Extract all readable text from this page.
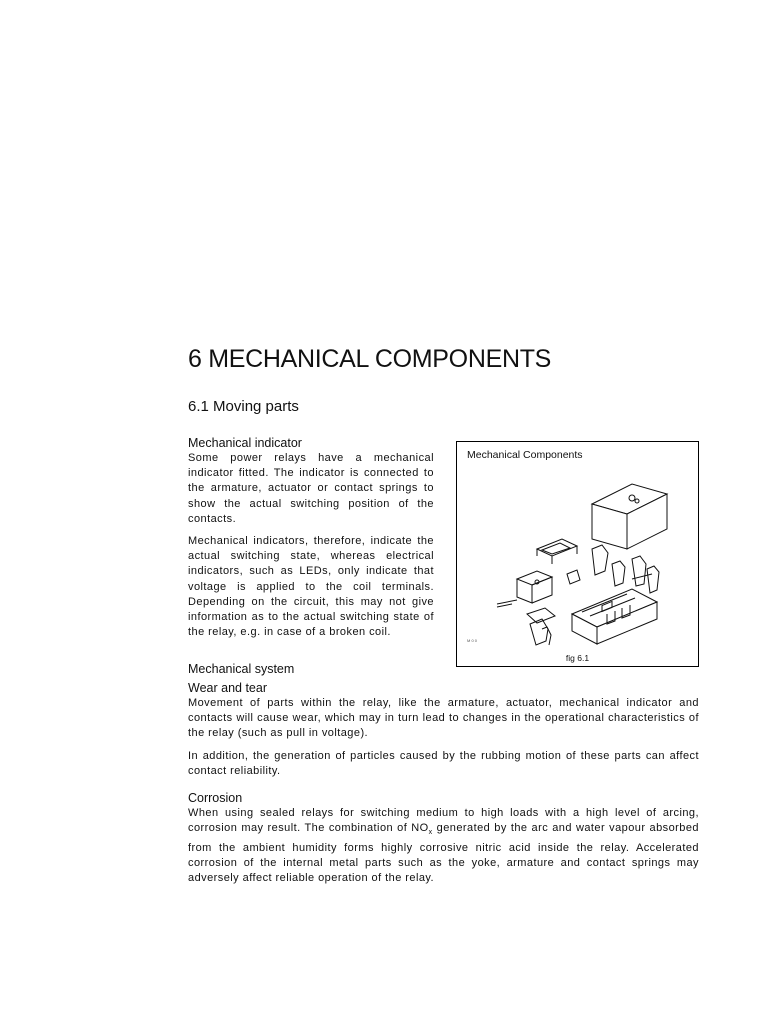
6 MECHANICAL COMPONENTS
6.1 Moving parts
Mechanical indicator

Some power relays have a mechanical indicator fitted. The indicator is connected to the armature, actuator or contact springs to show the actual switching position of the contacts.

Mechanical indicators, therefore, indicate the actual switching state, whereas electrical indicators, such as LEDs, only indicate that voltage is applied to the coil terminals. Depending on the circuit, this may not give information as to the actual switching state of the relay, e.g. in case of a broken coil.

Mechanical Components

M 0 0

fig 6.1

Mechanical system
Wear and tear

Movement of parts within the relay, like the armature, actuator, mechanical indicator and contacts will cause wear, which may in turn lead to changes in the operational characteristics of the relay (such as pull in voltage).

In addition, the generation of particles caused by the rubbing motion of these parts can affect contact reliability.

Corrosion

When using sealed relays for switching medium to high loads with a high level of arcing, corrosion may result. The combination of $NO_x$ generated by the arc and water vapour absorbed from the ambient humidity forms highly corrosive nitric acid inside the relay. Accelerated corrosion of the internal metal parts such as the yoke, armature and contact springs may adversely affect reliable operation of the relay.
